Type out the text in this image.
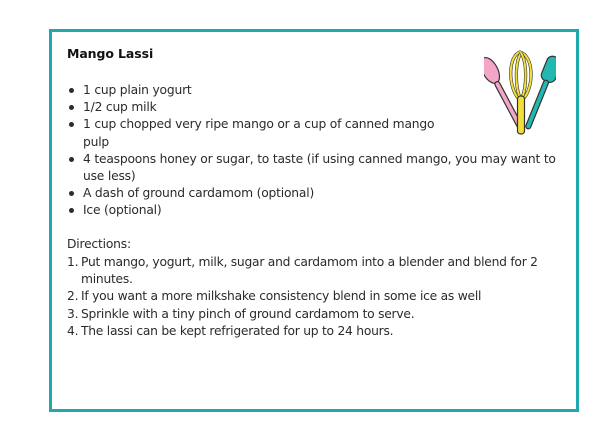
Mango Lassi
1 cup plain yogurt
1/2 cup milk
1 cup chopped very ripe mango or a cup of canned mango pulp
4 teaspoons honey or sugar, to taste (if using canned mango, you may want to use less)
A dash of ground cardamom (optional)
Ice (optional)
Directions:
1. Put mango, yogurt, milk, sugar and cardamom into a blender and blend for 2 minutes.
2. If you want a more milkshake consistency blend in some ice as well
3. Sprinkle with a tiny pinch of ground cardamom to serve.
4. The lassi can be kept refrigerated for up to 24 hours.
